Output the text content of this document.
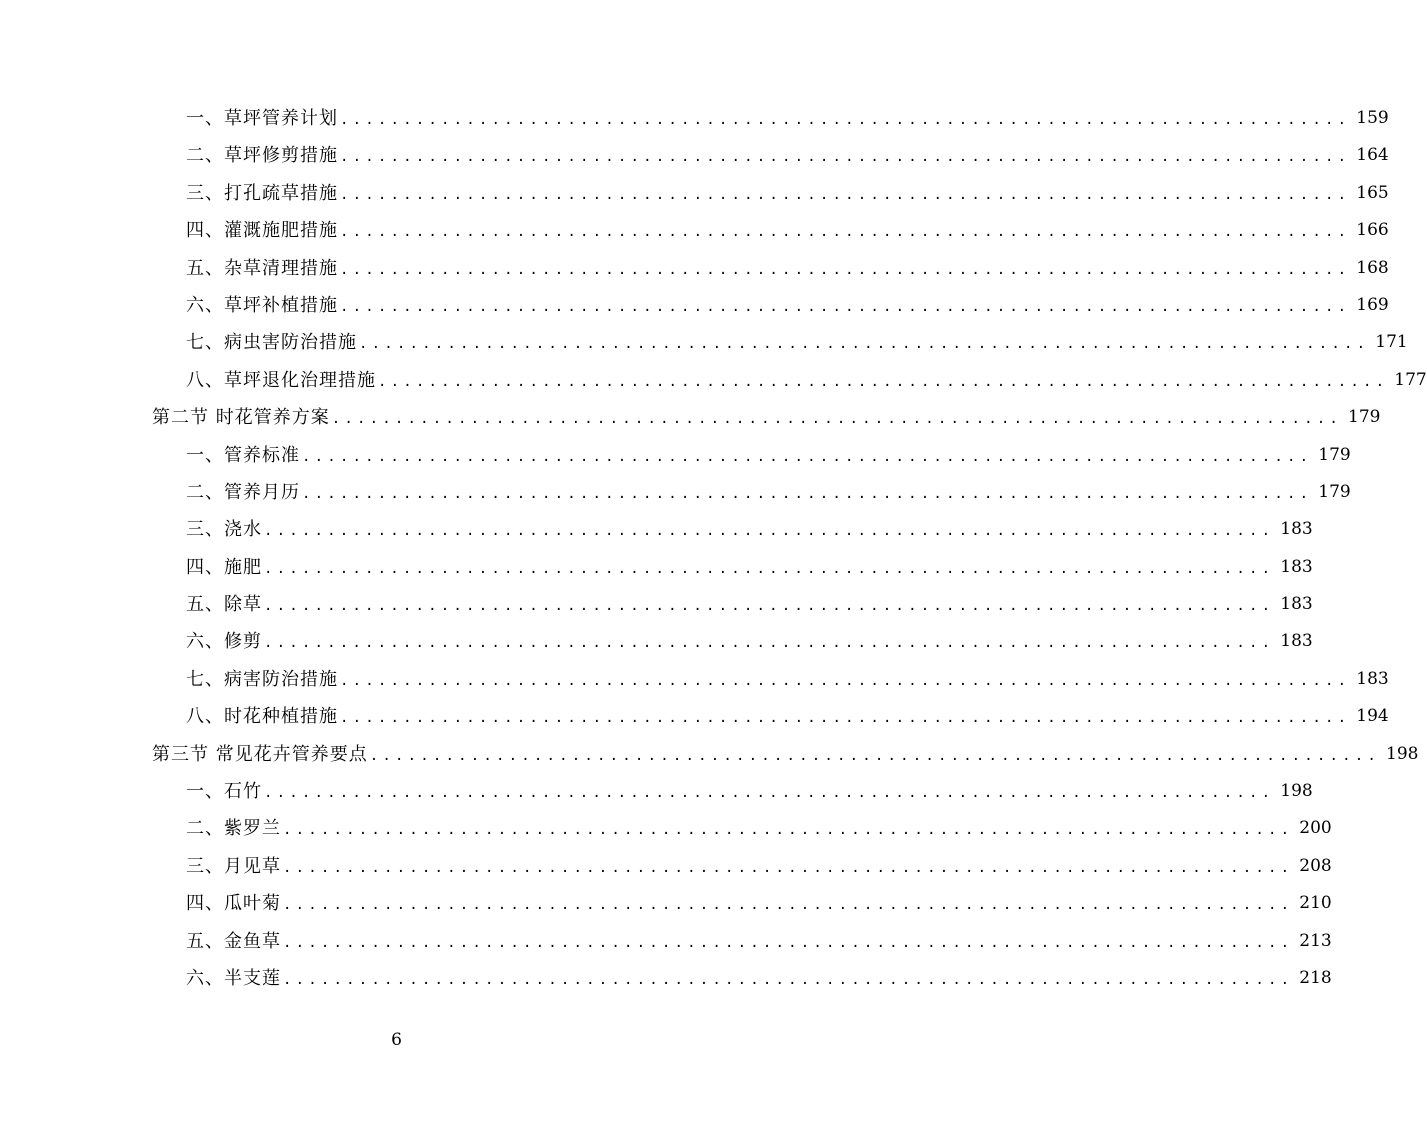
一、草坪管养计划 ................................................................................ 159
二、草坪修剪措施 ................................................................................ 164
三、打孔疏草措施 ................................................................................ 165
四、灌溉施肥措施 ................................................................................ 166
五、杂草清理措施 ................................................................................ 168
六、草坪补植措施 ................................................................................ 169
七、病虫害防治措施 ................................................................................ 171
八、草坪退化治理措施 ................................................................................ 177
第二节 时花管养方案 ................................................................................ 179
一、管养标准 ................................................................................ 179
二、管养月历 ................................................................................ 179
三、浇水 ................................................................................ 183
四、施肥 ................................................................................ 183
五、除草 ................................................................................ 183
六、修剪 ................................................................................ 183
七、病害防治措施 ................................................................................ 183
八、时花种植措施 ................................................................................ 194
第三节 常见花卉管养要点 ................................................................................ 198
一、石竹 ................................................................................ 198
二、紫罗兰 ................................................................................ 200
三、月见草 ................................................................................ 208
四、瓜叶菊 ................................................................................ 210
五、金鱼草 ................................................................................ 213
六、半支莲 ................................................................................ 218
6
